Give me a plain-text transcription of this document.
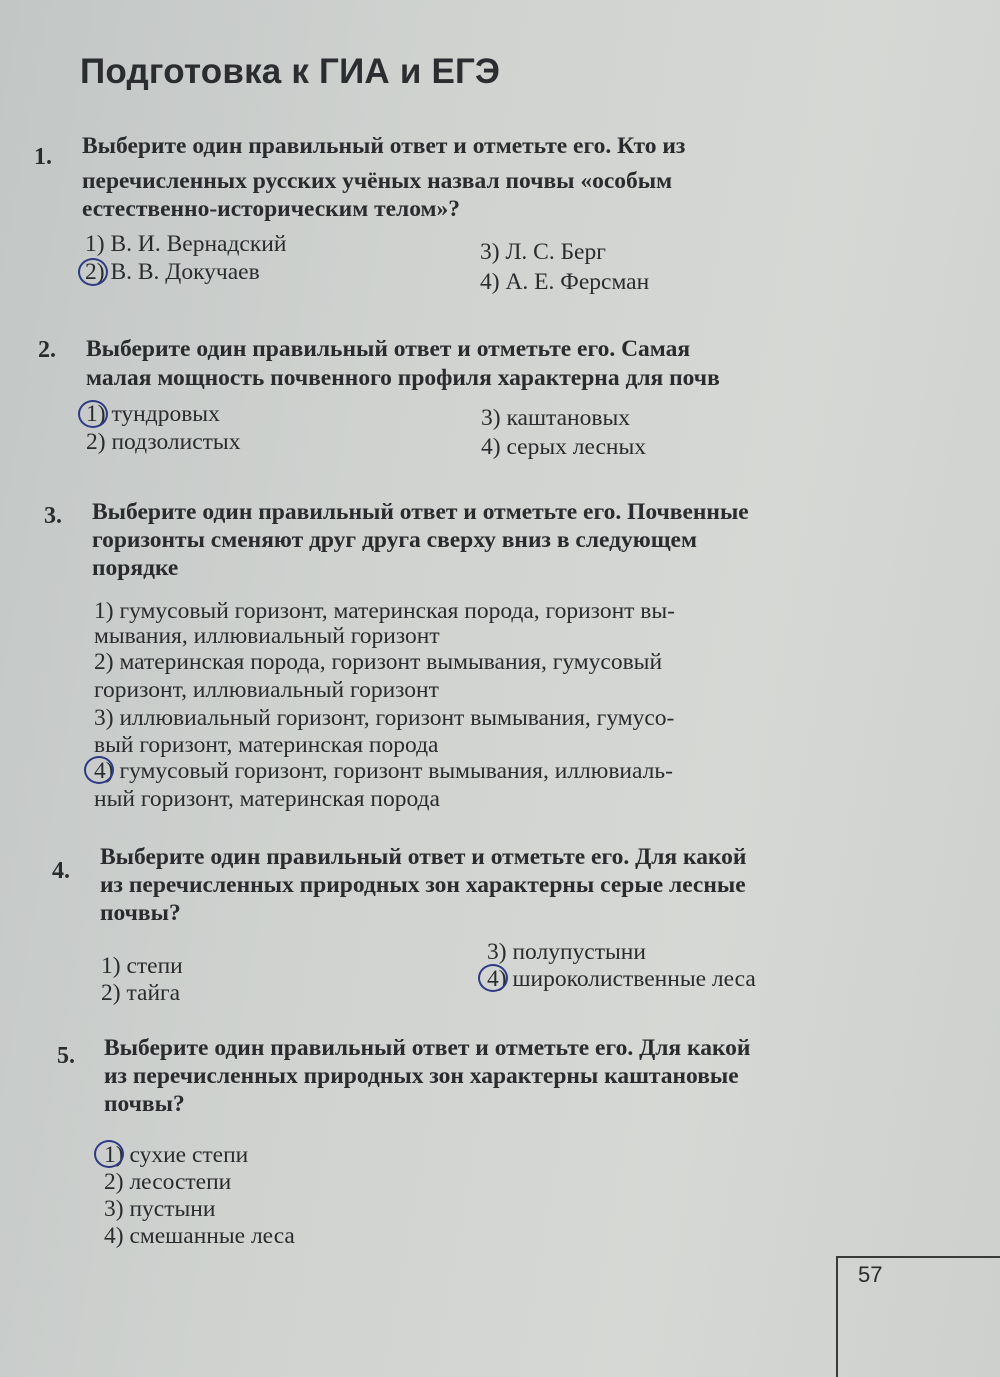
Подготовка к ГИА и ЕГЭ
1. Выберите один правильный ответ и отметьте его. Кто из
перечисленных русских учёных назвал почвы «особым
естественно-историческим телом»?
1) В. И. Вернадский
2) В. В. Докучаев
3) Л. С. Берг
4) А. Е. Ферсман
2. Выберите один правильный ответ и отметьте его. Самая
малая мощность почвенного профиля характерна для почв
1) тундровых
2) подзолистых
3) каштановых
4) серых лесных
3. Выберите один правильный ответ и отметьте его. Почвенные
горизонты сменяют друг друга сверху вниз в следующем
порядке
1) гумусовый горизонт, материнская порода, горизонт вы-
мывания, иллювиальный горизонт
2) материнская порода, горизонт вымывания, гумусовый
горизонт, иллювиальный горизонт
3) иллювиальный горизонт, горизонт вымывания, гумусо-
вый горизонт, материнская порода
4) гумусовый горизонт, горизонт вымывания, иллювиаль-
ный горизонт, материнская порода
4.
Выберите один правильный ответ и отметьте его. Для какой
из перечисленных природных зон характерны серые лесные
почвы?
1) степи
2) тайга
3) полупустыни
4) широколиственные леса
5. Выберите один правильный ответ и отметьте его. Для какой
из перечисленных природных зон характерны каштановые
почвы?
1) сухие степи
2) лесостепи
3) пустыни
4) смешанные леса
57
